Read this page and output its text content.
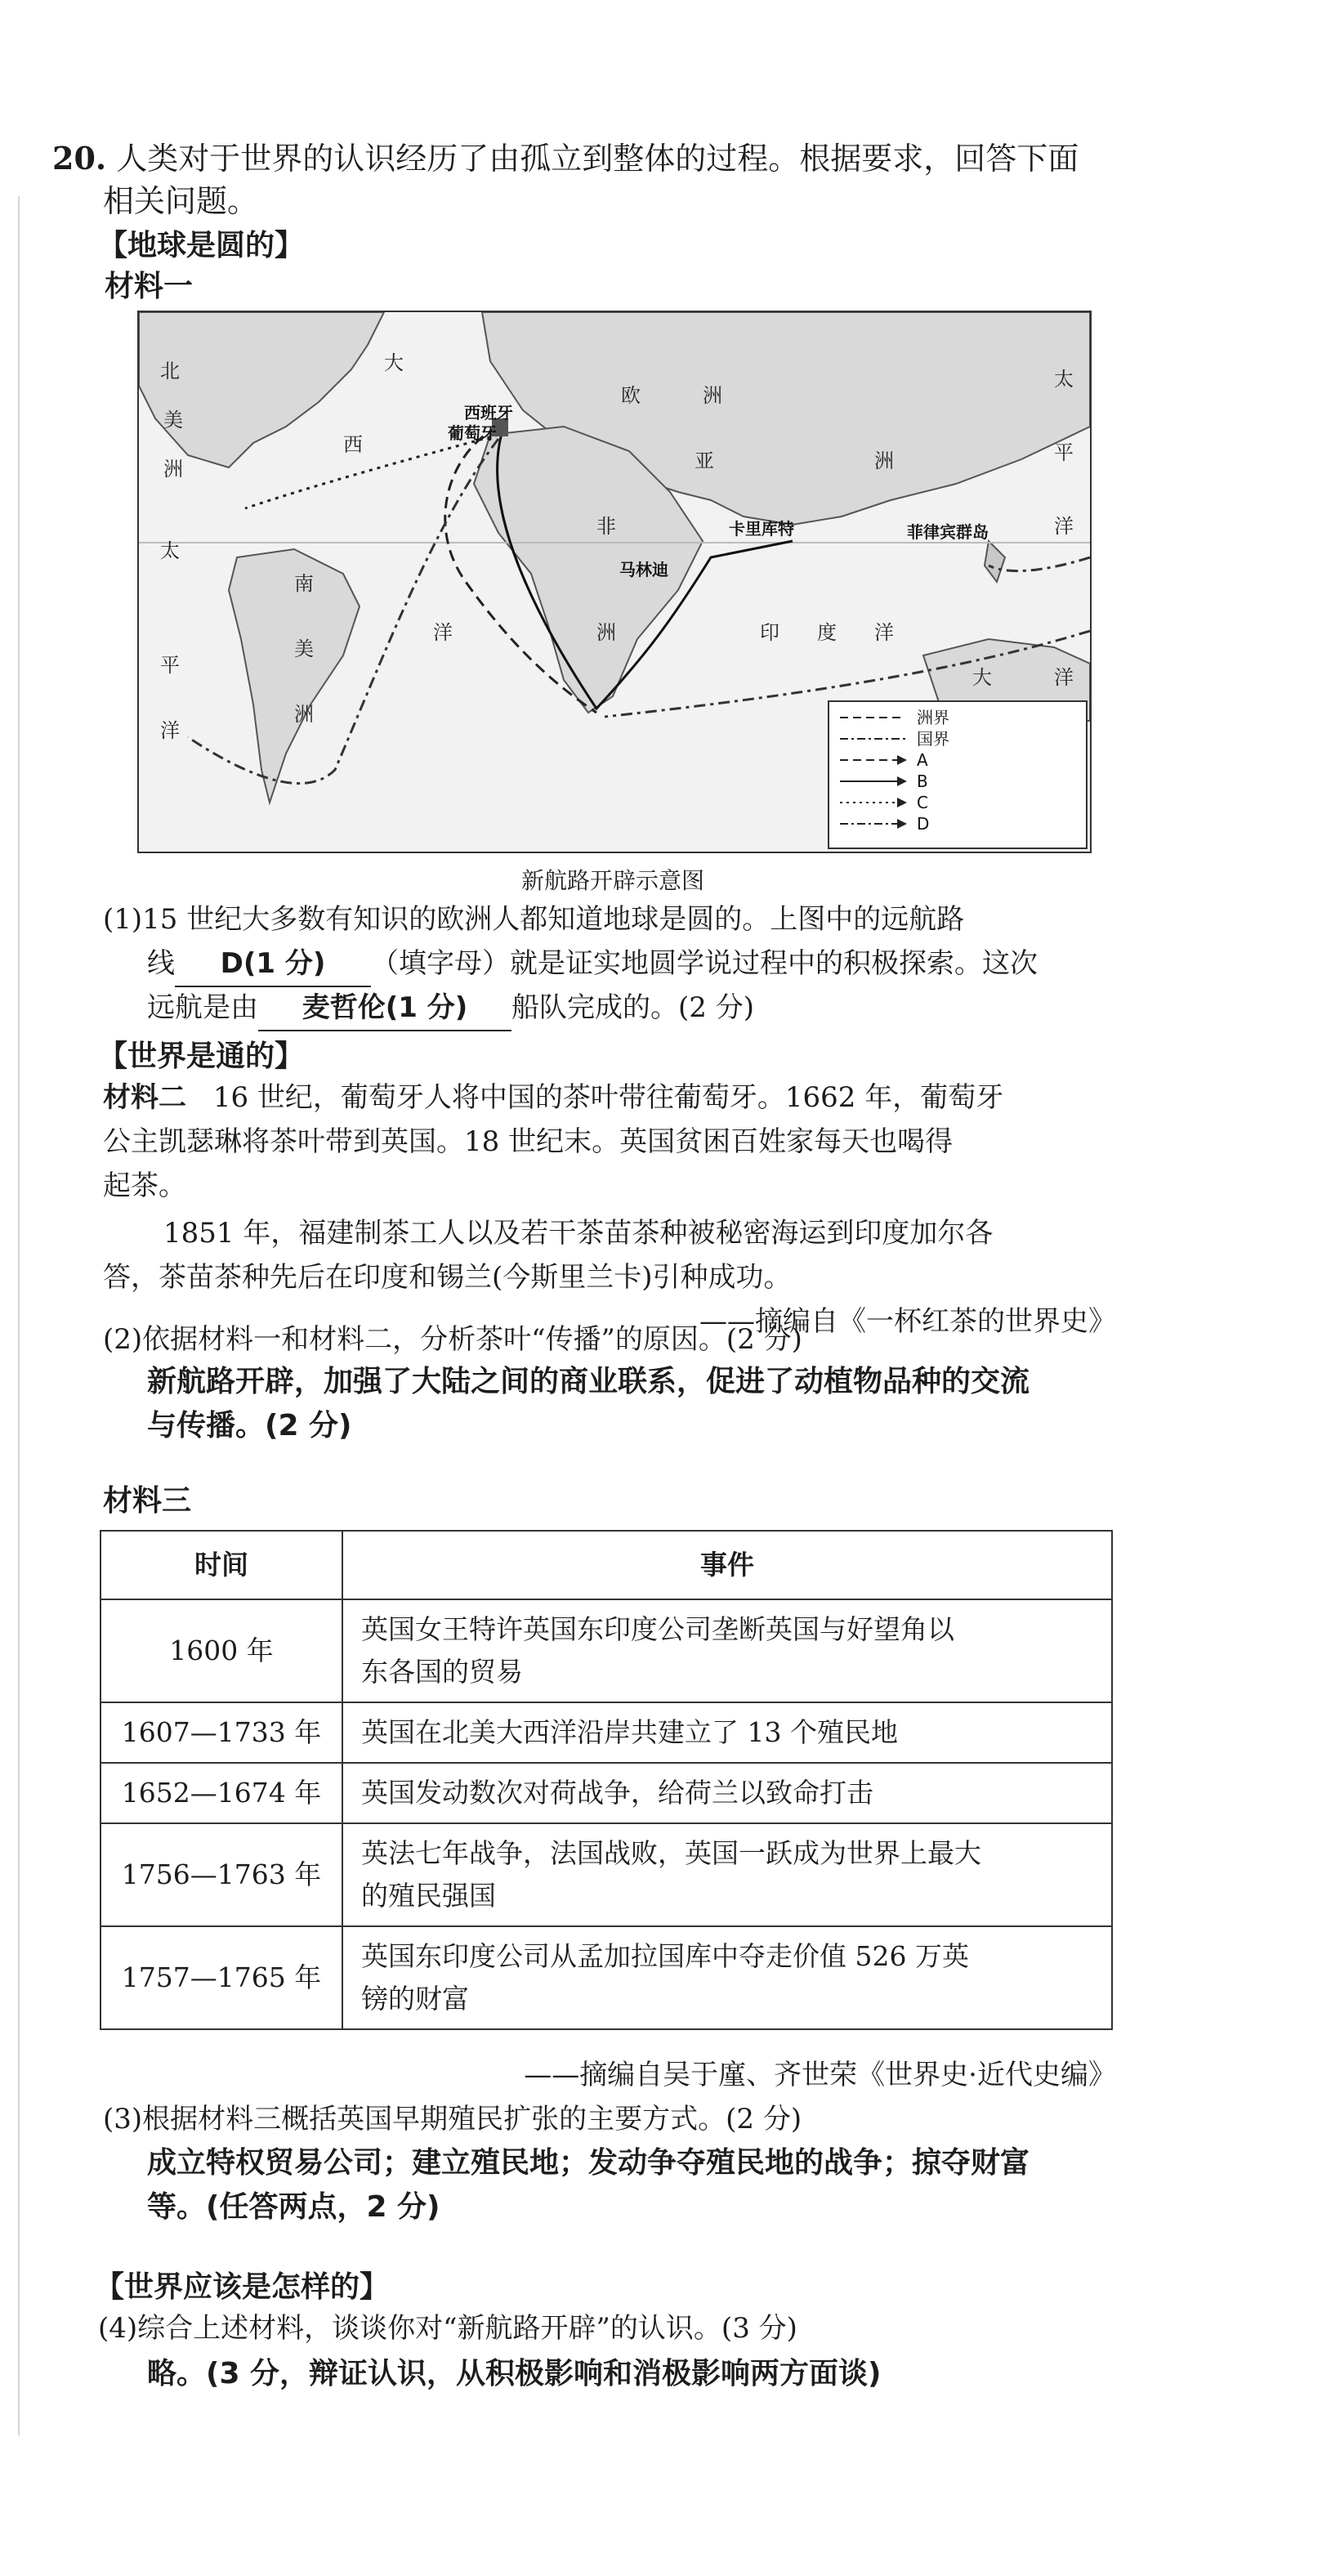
20. 人类对于世界的认识经历了由孤立到整体的过程。根据要求，回答下面
相关问题。
【地球是圆的】
材料一
北
美
洲
太
平
洋
大
西
洋
欧	洲
亚	洲
非
洲
南
美
洲
印 度 洋
太
平
洋
大	洋
西班牙
葡萄牙
卡里库特
马林迪
菲律宾群岛
洲界
国界
A
B
C
D
新航路开辟示意图
(1)15 世纪大多数有知识的欧洲人都知道地球是圆的。上图中的远航路
线 D(1 分) （填字母）就是证实地圆学说过程中的积极探索。这次
远航是由 麦哲伦(1 分) 船队完成的。(2 分)
【世界是通的】
材料二 16 世纪，葡萄牙人将中国的茶叶带往葡萄牙。1662 年，葡萄牙
公主凯瑟琳将茶叶带到英国。18 世纪末。英国贫困百姓家每天也喝得
起茶。
1851 年，福建制茶工人以及若干茶苗茶种被秘密海运到印度加尔各
答，茶苗茶种先后在印度和锡兰(今斯里兰卡)引种成功。
——摘编自《一杯红茶的世界史》
(2)依据材料一和材料二，分析茶叶“传播”的原因。(2 分)
新航路开辟，加强了大陆之间的商业联系，促进了动植物品种的交流
与传播。(2 分)
材料三
时间	事件
1600 年	英国女王特许英国东印度公司垄断英国与好望角以
东各国的贸易
1607—1733 年	英国在北美大西洋沿岸共建立了 13 个殖民地
1652—1674 年	英国发动数次对荷战争，给荷兰以致命打击
1756—1763 年	英法七年战争，法国战败，英国一跃成为世界上最大
的殖民强国
1757—1765 年	英国东印度公司从孟加拉国库中夺走价值 526 万英
镑的财富
——摘编自吴于廑、齐世荣《世界史·近代史编》
(3)根据材料三概括英国早期殖民扩张的主要方式。(2 分)
成立特权贸易公司；建立殖民地；发动争夺殖民地的战争；掠夺财富
等。(任答两点，2 分)
【世界应该是怎样的】
(4)综合上述材料，谈谈你对“新航路开辟”的认识。(3 分)
略。(3 分，辩证认识，从积极影响和消极影响两方面谈)
